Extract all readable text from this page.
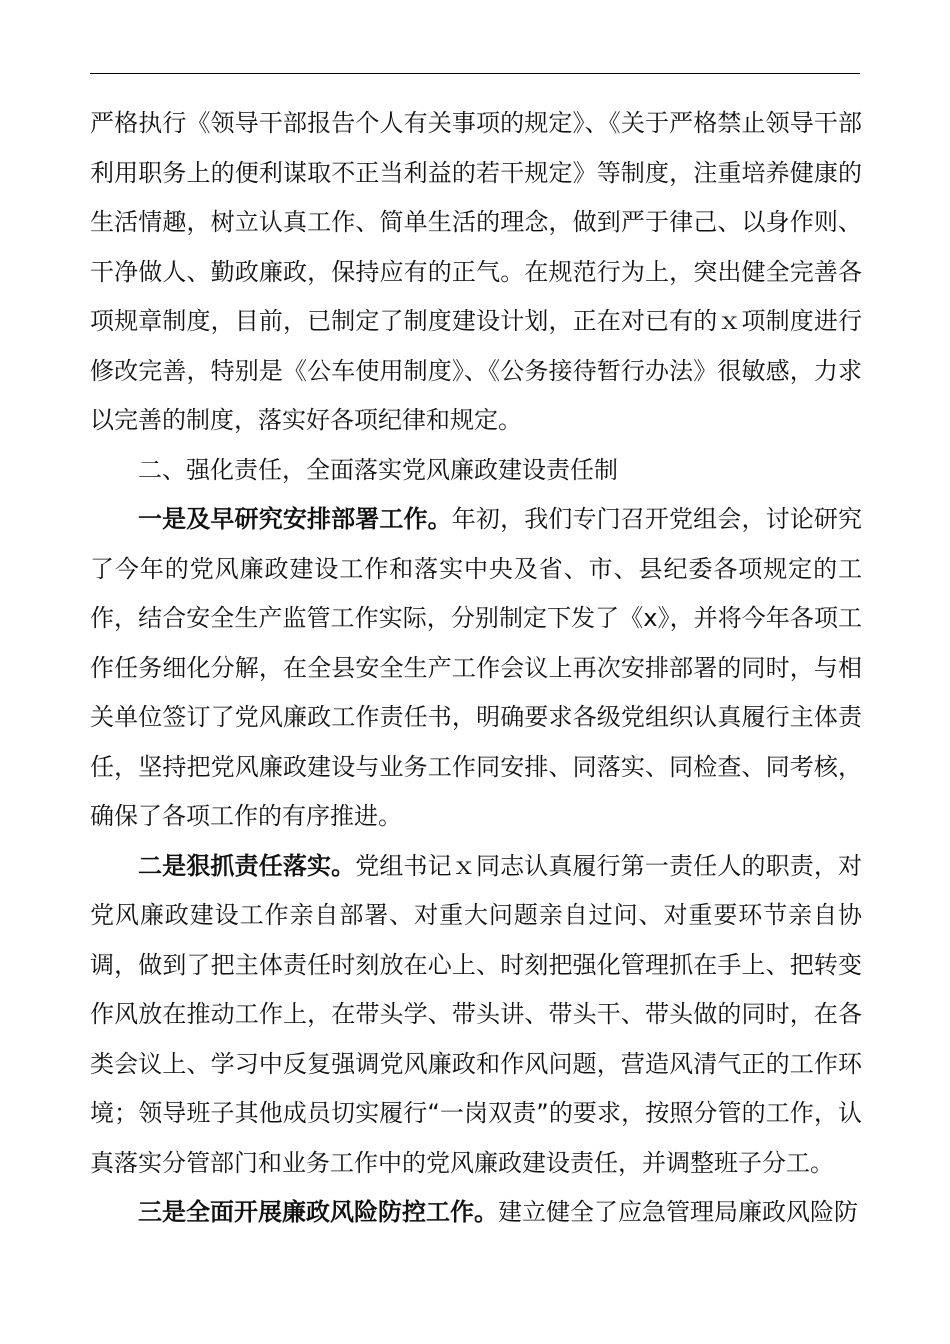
严格执行《领导干部报告个人有关事项的规定》、《关于严格禁止领导干部利用职务上的便利谋取不正当利益的若干规定》等制度，注重培养健康的生活情趣，树立认真工作、简单生活的理念，做到严于律己、以身作则、干净做人、勤政廉政，保持应有的正气。在规范行为上，突出健全完善各项规章制度，目前，已制定了制度建设计划，正在对已有的ｘ项制度进行修改完善，特别是《公车使用制度》、《公务接待暂行办法》很敏感，力求以完善的制度，落实好各项纪律和规定。

二、强化责任，全面落实党风廉政建设责任制

一是及早研究安排部署工作。年初，我们专门召开党组会，讨论研究了今年的党风廉政建设工作和落实中央及省、市、县纪委各项规定的工作，结合安全生产监管工作实际，分别制定下发了《x》，并将今年各项工作任务细化分解，在全县安全生产工作会议上再次安排部署的同时，与相关单位签订了党风廉政工作责任书，明确要求各级党组织认真履行主体责任，坚持把党风廉政建设与业务工作同安排、同落实、同检查、同考核，确保了各项工作的有序推进。

二是狠抓责任落实。党组书记ｘ同志认真履行第一责任人的职责，对党风廉政建设工作亲自部署、对重大问题亲自过问、对重要环节亲自协调，做到了把主体责任时刻放在心上、时刻把强化管理抓在手上、把转变作风放在推动工作上，在带头学、带头讲、带头干、带头做的同时，在各类会议上、学习中反复强调党风廉政和作风问题，营造风清气正的工作环境；领导班子其他成员切实履行“一岗双责”的要求，按照分管的工作，认真落实分管部门和业务工作中的党风廉政建设责任，并调整班子分工。

三是全面开展廉政风险防控工作。建立健全了应急管理局廉政风险防
